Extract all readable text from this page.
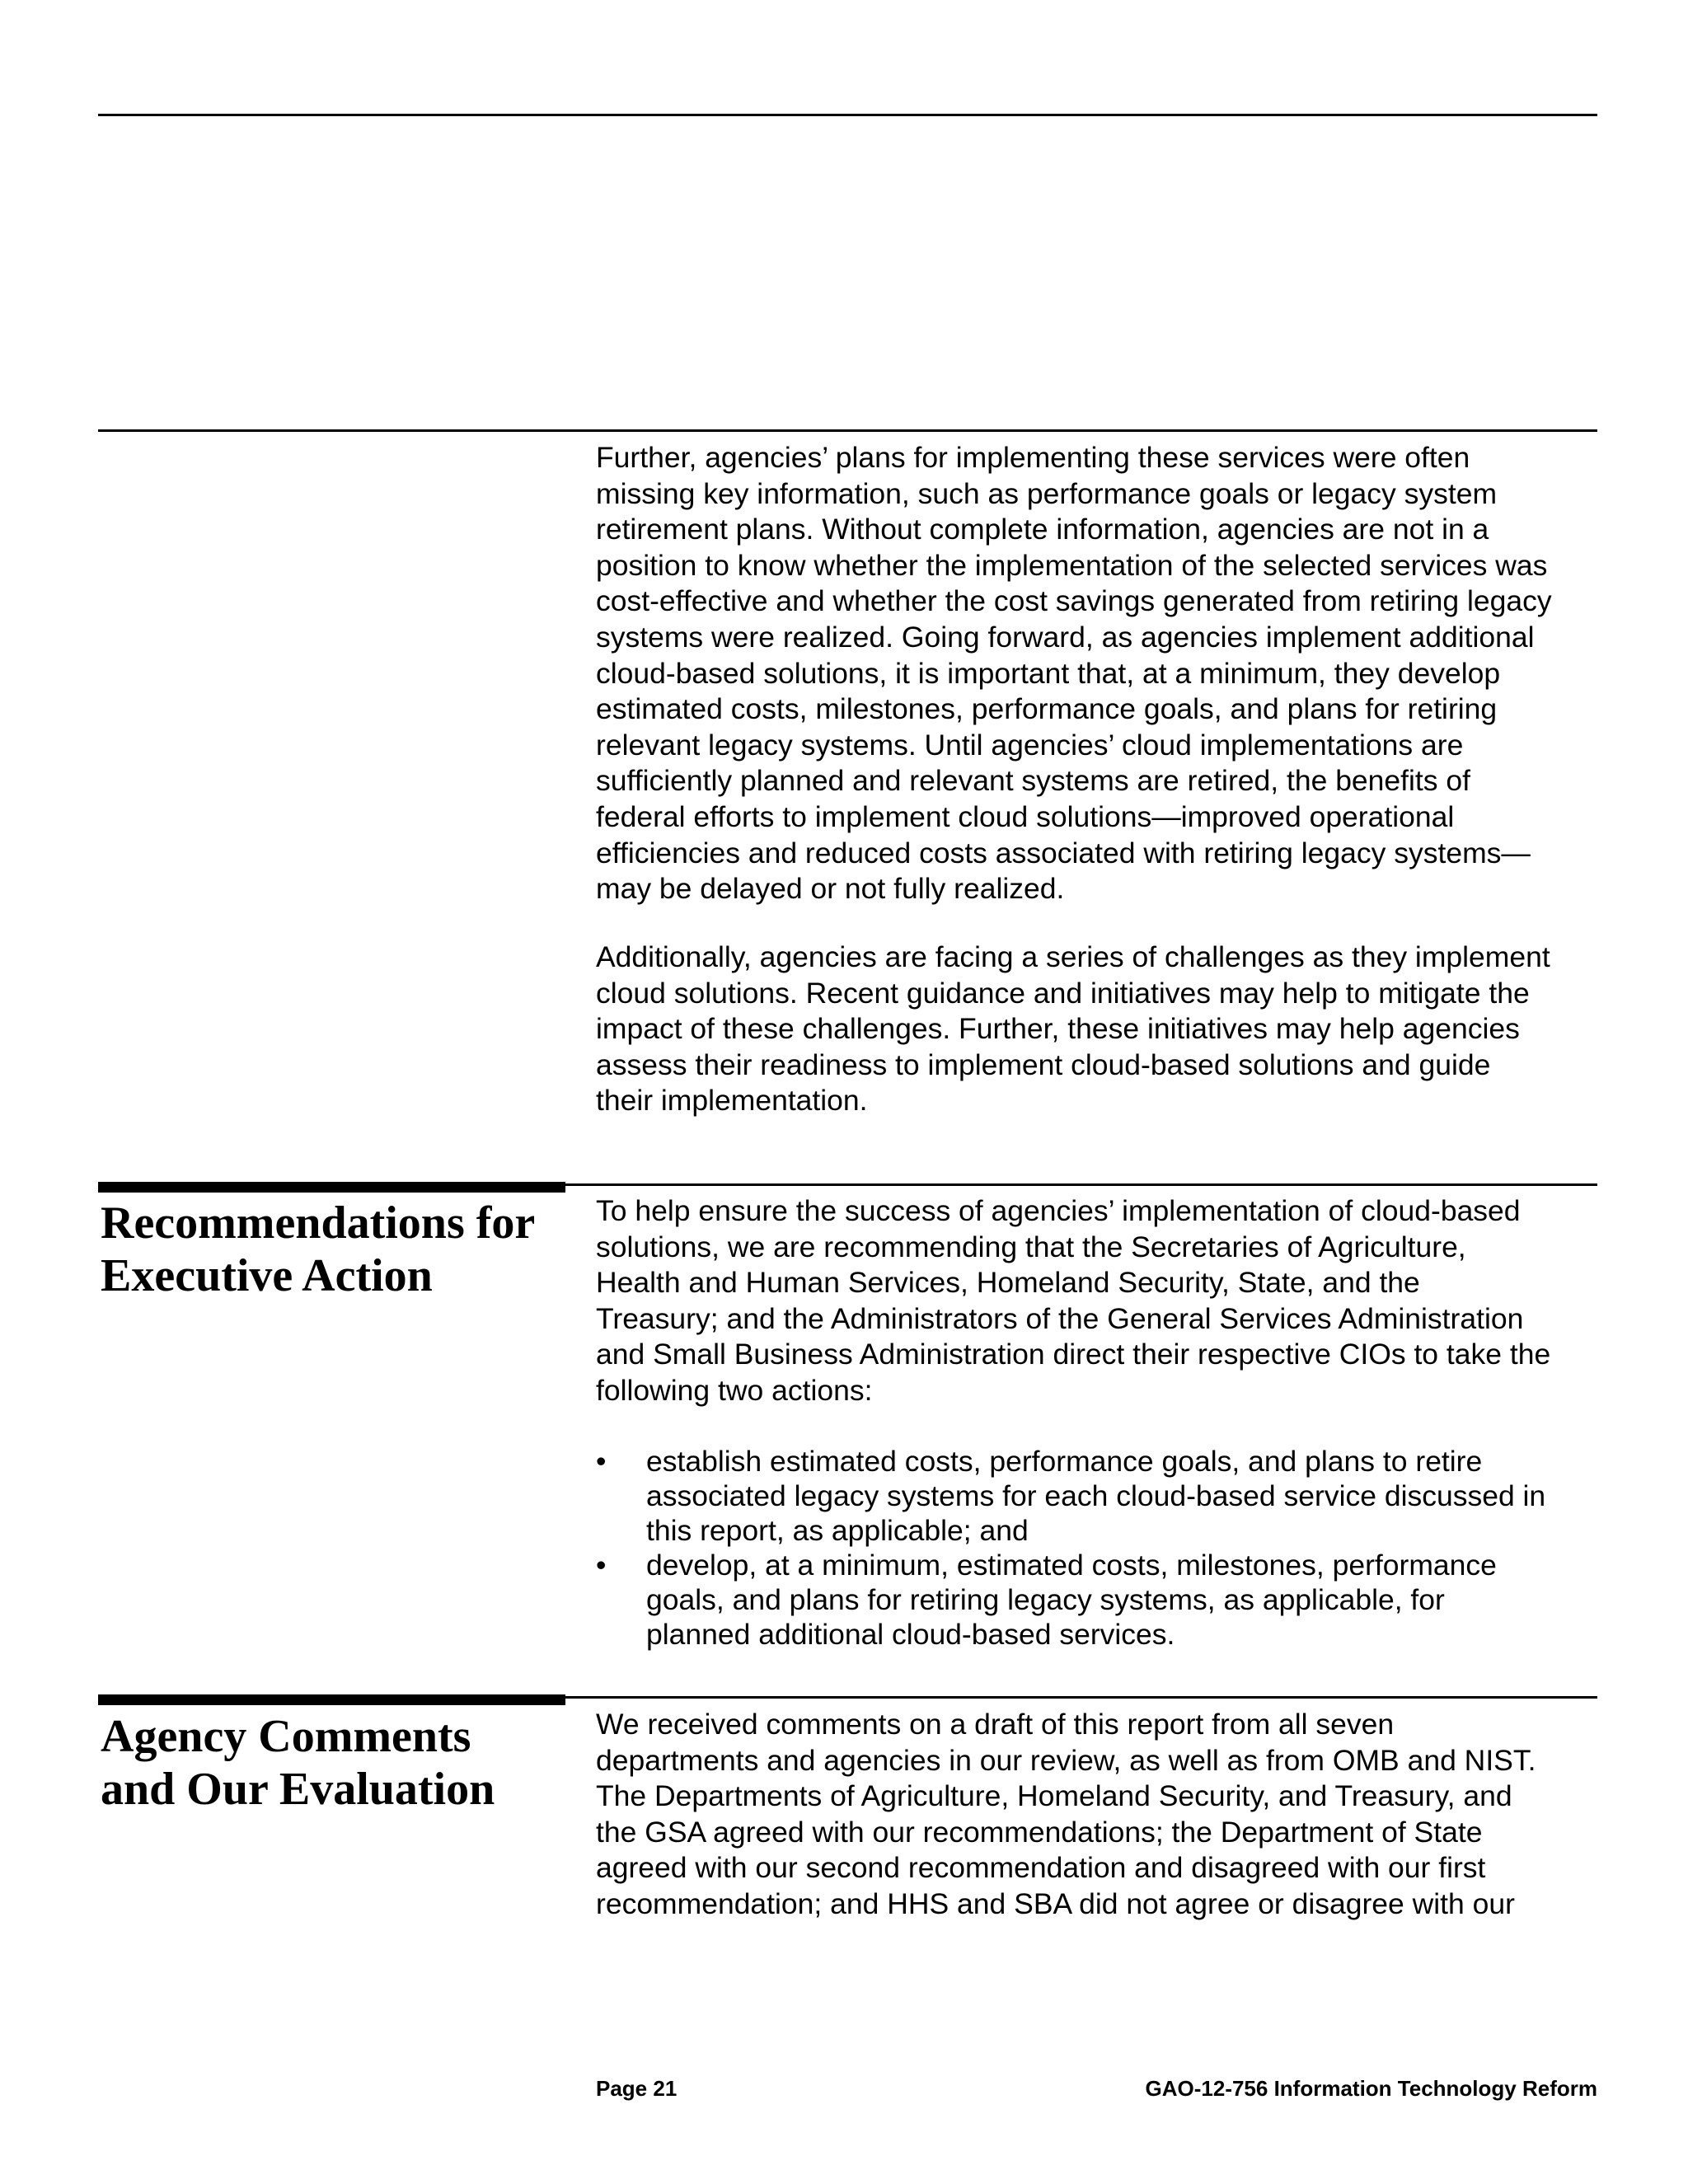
Further, agencies’ plans for implementing these services were often
missing key information, such as performance goals or legacy system
retirement plans. Without complete information, agencies are not in a
position to know whether the implementation of the selected services was
cost-effective and whether the cost savings generated from retiring legacy
systems were realized. Going forward, as agencies implement additional
cloud-based solutions, it is important that, at a minimum, they develop
estimated costs, milestones, performance goals, and plans for retiring
relevant legacy systems. Until agencies’ cloud implementations are
sufficiently planned and relevant systems are retired, the benefits of
federal efforts to implement cloud solutions—improved operational
efficiencies and reduced costs associated with retiring legacy systems—
may be delayed or not fully realized.
Additionally, agencies are facing a series of challenges as they implement
cloud solutions. Recent guidance and initiatives may help to mitigate the
impact of these challenges. Further, these initiatives may help agencies
assess their readiness to implement cloud-based solutions and guide
their implementation.
Recommendations for
Executive Action
To help ensure the success of agencies’ implementation of cloud-based
solutions, we are recommending that the Secretaries of Agriculture,
Health and Human Services, Homeland Security, State, and the
Treasury; and the Administrators of the General Services Administration
and Small Business Administration direct their respective CIOs to take the
following two actions:
•	establish estimated costs, performance goals, and plans to retire
associated legacy systems for each cloud-based service discussed in
this report, as applicable; and
•	develop, at a minimum, estimated costs, milestones, performance
goals, and plans for retiring legacy systems, as applicable, for
planned additional cloud-based services.
Agency Comments
and Our Evaluation
We received comments on a draft of this report from all seven
departments and agencies in our review, as well as from OMB and NIST.
The Departments of Agriculture, Homeland Security, and Treasury, and
the GSA agreed with our recommendations; the Department of State
agreed with our second recommendation and disagreed with our first
recommendation; and HHS and SBA did not agree or disagree with our
Page 21	GAO-12-756 Information Technology Reform
